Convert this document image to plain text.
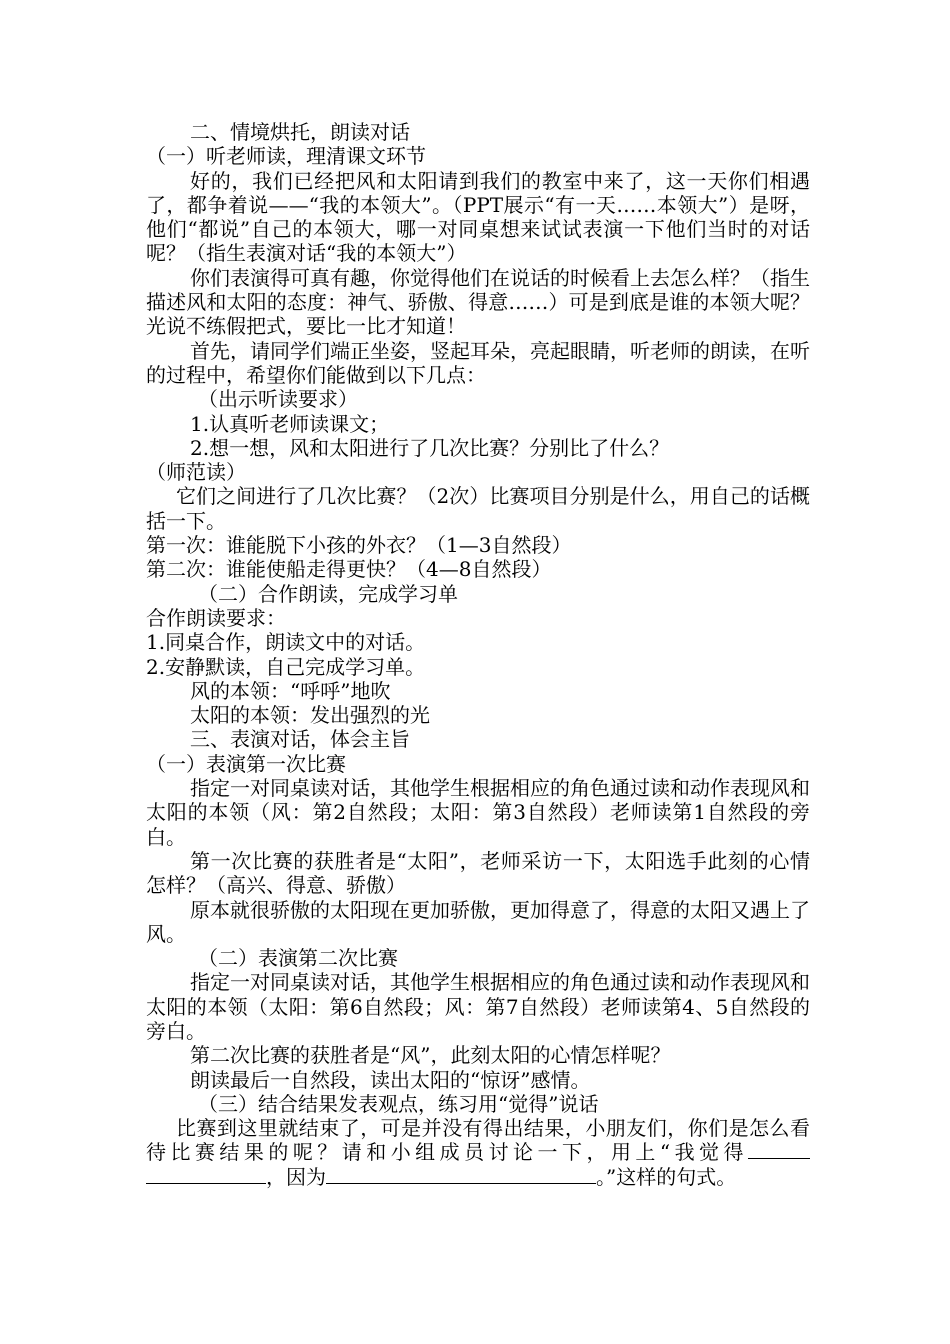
二、情境烘托，朗读对话

（一）听老师读，理清课文环节

好的，我们已经把风和太阳请到我们的教室中来了，这一天你们相遇了，都争着说——“我的本领大”。（PPT展示“有一天……本领大”）是呀，他们“都说”自己的本领大，哪一对同桌想来试试表演一下他们当时的对话呢？（指生表演对话“我的本领大”）

你们表演得可真有趣，你觉得他们在说话的时候看上去怎么样？（指生描述风和太阳的态度：神气、骄傲、得意……）可是到底是谁的本领大呢？光说不练假把式，要比一比才知道！

首先，请同学们端正坐姿，竖起耳朵，亮起眼睛，听老师的朗读，在听的过程中，希望你们能做到以下几点：

（出示听读要求）

1.认真听老师读课文；

2.想一想，风和太阳进行了几次比赛？分别比了什么？

（师范读）

它们之间进行了几次比赛？（2次）比赛项目分别是什么，用自己的话概括一下。

第一次：谁能脱下小孩的外衣？（1—3自然段）

第二次：谁能使船走得更快？（4—8自然段）

（二）合作朗读，完成学习单

合作朗读要求：

1.同桌合作，朗读文中的对话。

2.安静默读，自己完成学习单。

风的本领：“呼呼”地吹

太阳的本领：发出强烈的光

三、表演对话，体会主旨

（一）表演第一次比赛

指定一对同桌读对话，其他学生根据相应的角色通过读和动作表现风和太阳的本领（风：第2自然段；太阳：第3自然段）老师读第1自然段的旁白。

第一次比赛的获胜者是“太阳”，老师采访一下，太阳选手此刻的心情怎样？（高兴、得意、骄傲）

原本就很骄傲的太阳现在更加骄傲，更加得意了，得意的太阳又遇上了风。

（二）表演第二次比赛

指定一对同桌读对话，其他学生根据相应的角色通过读和动作表现风和太阳的本领（太阳：第6自然段；风：第7自然段）老师读第4、5自然段的旁白。

第二次比赛的获胜者是“风”，此刻太阳的心情怎样呢？

朗读最后一自然段，读出太阳的“惊讶”感情。

（三）结合结果发表观点，练习用“觉得”说话

比赛到这里就结束了，可是并没有得出结果，小朋友们，你们是怎么看待比赛结果的呢？请和小组成员讨论一下，用上“我觉得，因为	。”这样的句式。
